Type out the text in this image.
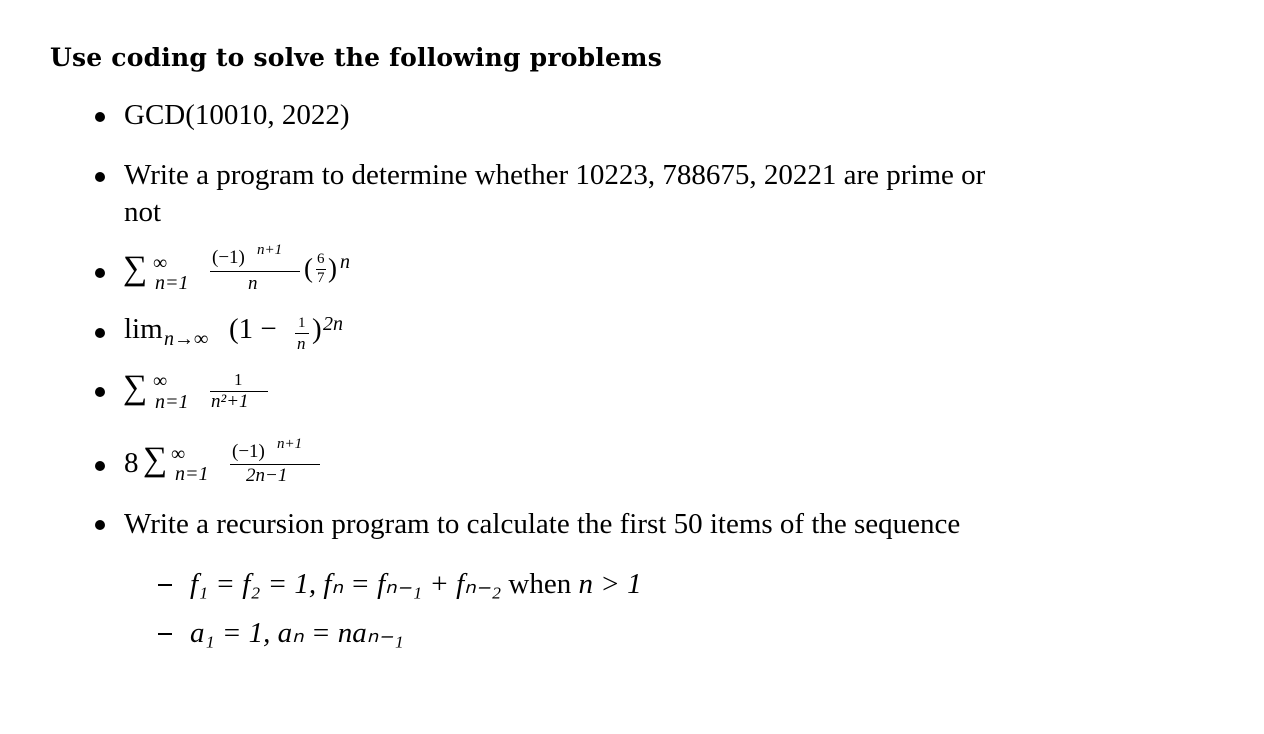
Use coding to solve the following problems
GCD(10010, 2022)
Write a program to determine whether 10223, 788675, 20221 are prime or
not
∑ ∞
n=1
(−1) n+1
n
( 6
7 ) n
lim n→∞ (1 − 1
n ) 2n
∑ ∞
n=1
1
n²+1
8 ∑ ∞
n=1
(−1) n+1
2n−1
Write a recursion program to calculate the first 50 items of the sequence
f₁ = f₂ = 1, fₙ = fₙ₋₁ + fₙ₋₂ when n > 1
a₁ = 1, aₙ = naₙ₋₁
